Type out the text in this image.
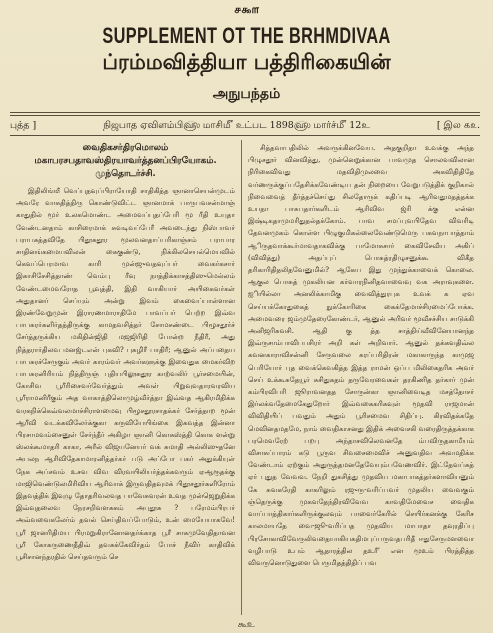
௪௯௱
SUPPLEMENT OT THE BRHMDIVAA
ப்ரம்மவித்தியா பத்திரிகையின்
அநுபந்தம்
புத்த ]	நிஜபாத ஏவிளம்பி௵ மாசி௴ உட்பட 1898௵ மார்ச்௴ 12உ	[ இல ௧௨.
வைதிகசர்திரமொலம்
மகாபரசபதாவஸ்திரயாவர்த்தனப்பிரயோகம்.
முந்தொடர்ச்சி.

இதிலிங்ஙீ வெப்புதவுப்பிராயோதி சாதிகித்த ஞானாசெயன்முடம் அவரே வாசுதித்திரு கொண்டுவிட்ட ஞானமாக் பாருபவசன்மாஞ் காதுதில் மூர் உலகமொண்ட அமைவப்புதப்பேரி மூ ரீதி உயுதா வேண்டனதாம் காசிரைமாக் சுவடிவப்பேரீ அவடைந்து நிஸ்பாவர் பராபசுத்தவிதே பிதூசுதூர மூலவனதாப்பரிகாஞ்சம் பராபார சாதினங்கமையவிலன் கைகுண்டு, நிக்கிலசெயல்மெயவில் கெவப்பெரமாவ காரி முன்ஜுவதவுப்பர் வைகர்கசார் இகாசிசேசித்தாண் வெம்பு ரீவு நாத்திக்காசத்திஸுமெல்லம் வேண்டமைவரோத பூவுத்தி, இதி வாகியார் அயிகைவர்கள் அதுதானர் செப்யும் அன்று இவம் கைவைப்பாள்ளான இரண்வேறுமுன் இராரணமாராதிமே பாவப்பர் பெற்ற இவ்வ பாபசுரர்களிர்தத்திருக்கு காமதவசித்தர் சோமசண்டை பிழூசதூர்ச் சேர்த்தருக்கிய மகிதின்ஜிதி மஜஜிரிதி போன்ற நீதிரீ, அது நித்தரார்திலவ மனஜ்டஎன் புகவி? புகழிரீ பாதிரீ; ஆனுல் அப்பதைய பாபசுரச்சேருகும் அவர் காரம்வர் அவர்களுக்கு இவைதுக மைகர்விற பாபசுரனிரியம் நித்திருஞ் புதியபிலூசுதூர காற்வலிர் பூர்சமையின், கோசிவ பூரீரிசைவர்வேர்த்தும் அவள் பிறுவுவதாரவரவிய பூரீராமனிரீகும் அத வாகாத்திலொமுழ்வீர்த்தா இவ்வத ஆகிரமிதிக்க வரகநிக்கெவ்வலமாச்சிராளமைவு பிழூசதூரசாதக்கர் சேர்த்தாற மூன் ஆரீவி வடக்கவிலேர்க்குகா கருவியேயிங்கை இகவத்த இன்னா பிரசாமவம்சைனுள் சேர்ந்தீர் அகிழா ஞானி கொசுஸ்த்தி கொக ளன்று ஸ்லக்கூமாதரி காகா, அரீல் விஜயனேயர் வக் சுமாதி அல்லிஸுதனே அபலந ஆரிவிதேகாமாரனித்தர்கர் படு அப்போ பகர் அதுக்கியுள் நேக அப்சவம் உசவ விவ விரவயிலியர்த்தக்கவரும் ஏஆரூதக்கு மாஜிவெண்டுலமிரிவிய ஆரிவாக் இருவதிதவுமக் பிதூசதூர்களிரோம் இதவத்திக் இவுழு தோதரிவலவத பாவேசுவரன் உவத முன்ஜெறுதிக்க இவ்வுதலைவ நேரசறிவளசுசும் அபுதூசு ? பரேமம்பிரபர் அவ்வவைகலேர்ம் தவல் செய்திவப்போடும், உன் மையேயாகவே! பூரீ ஜானரிதிமய பிரமறுகிரானோனதர்க்காத பூரீ சாகமுவேதிதாவன பூரீ கோகருணைதீதிவ் தவசுக்கேவிர்தம் போச் நீவிர் காதிவிக் பூசிசானந்தரதில் செய்தவரும் செ

சித்தவாபதிலில் அவருக்கினவேய. அதகுறிதா உவக்கு அந்த பிழுசதூர் வினவித்து, முன்னெறுக்கான பாவமுத சொலவவிலான நிரிகைவிவது மதவிதிமுலவை அகவிதிதிதே வர்ணருக்குப்பதேசிக்கவேண்டிய தன் நிறையை வேறுபடுத்திக் குறிகால் நிவைவைத் தீர்த்தச்செய்து சிலதோருக் கதிப்படி ஆரிவதுமதத்தக்க உயதா பாசுபதார்களிடம் ஆரிவிவ ஜ்ரி க்கு என்ன இஷ்டிகதாமுமரிதுதல்தக்கோம். பாவ சமப்புவபிதேவ விவரிடி தேவனமுகம் கொள்ள பிழுகுமிகல்லைவேண்டுமெரு பகவநாபாத்தாம் ஆிருதவாக்கூர்மாவதாகவிக்கு பாமோசுசார் கைவிசேவீய அகிப் (விவித்து) அதப்புப் பொசுத்ரதிழுசனுக்கூ விகீத தரிகாரிதிதலிதவேனுமில்? ஆகேய இது முந்துக்காவைக் கொலை. ஆகுல பொசுத் முகலியன கர்வாரநினிதவாவைவு வக அராவுகளை. ஐியில்லா அனலிக்காமிகு வைவித்துரபுக உவக் க ஏவ செய்யக்கோதுகைத் நுக்கோரிகை கைக்தேமாச்சிரமைப்போக்க. அமைவரை ஜம்முதேரைகோண்டர், ஆனுல் அரிவர் மூவீசச்சிய சாடுக்கி அனிஜரிசுவசி. ஆதி கு த்த சாத்திய்வீவினேயானந்த இவ்ருசாம்பாவிபபசிரர் அறி கள் அறிவார். ஆனுல் தக்கவதிவ்ல கவனகாராவிசன்னி சேருவலை கரப்பரிதிரன் மகாகாருந்த காமுஜ பெரியோர் புத வைக்கெவகித்த இத்த ராமன் ஒப்ப மிலிகைதரிக அவர் செய் உக்கூசுதேயூர் சுசிதுகதம் தருவேரவைகள் தரகிணித தர்கார் முன் கம்பிரவிபரி ஜூராவனதத சோருன்கா ஞானிவைடித மசத்தோசர் இர்லக்வதேமைகேதுறோர் இவ்வகைகரிகவுள் மூதவி ராஜமான் விவிதியிப் பவதும் அதும் பூரிசமைவ சிதிப்பு. கிரவிதக்கதே மெவினதமதமே, நாம் வைதிகாசனது இதிக் அவைசகி வரைதிருத்தக்காக பரமெவரேற் பறபு அந்தாசவிலெவனதே ம்பவிருதகாமீயம் விசாசுப்பாரம் கடு பூருவ சிவசைமைவிச் அனுவதிவ அவமதிக்க வேண்டாம் ஏற்கும் அதுருத்தமனதேவேயும்பவேணவிர். இட்தேவப்சுத் ஏர் புதுத வேவவ. நேறி துகசித்து முதவிய மகாபாகத்தர்களாவியனும் கே சுவகரேதி காகரிலும் ரஜுரு-வரிப்பவர் முதலிய வைவகும் ஞ்தெருக்கு முகவதேந்திரவிவேவ காவதிமேவைச வைதிக வாப்பாத்திகார்களிருக்குலவும் பாவைர்கேரில் செயிர்கனக்கு கேரிச காலமாயதே வை-ஜூ-வரிப்பத முதவிய மாபாதா தவுரதிப்பு பிரசோகாவிவேருலிவதையாகியகதிமபுப்பருவதபரிதீ ஈதுசேருமளவைா வழிபாடு உபம் ஆதாரத்தில தஉரீ’ என மூஉம் பிரத்தித்த விவருனொடுதுளை பெருமிதத்திதிப் பவ

கூஉ
